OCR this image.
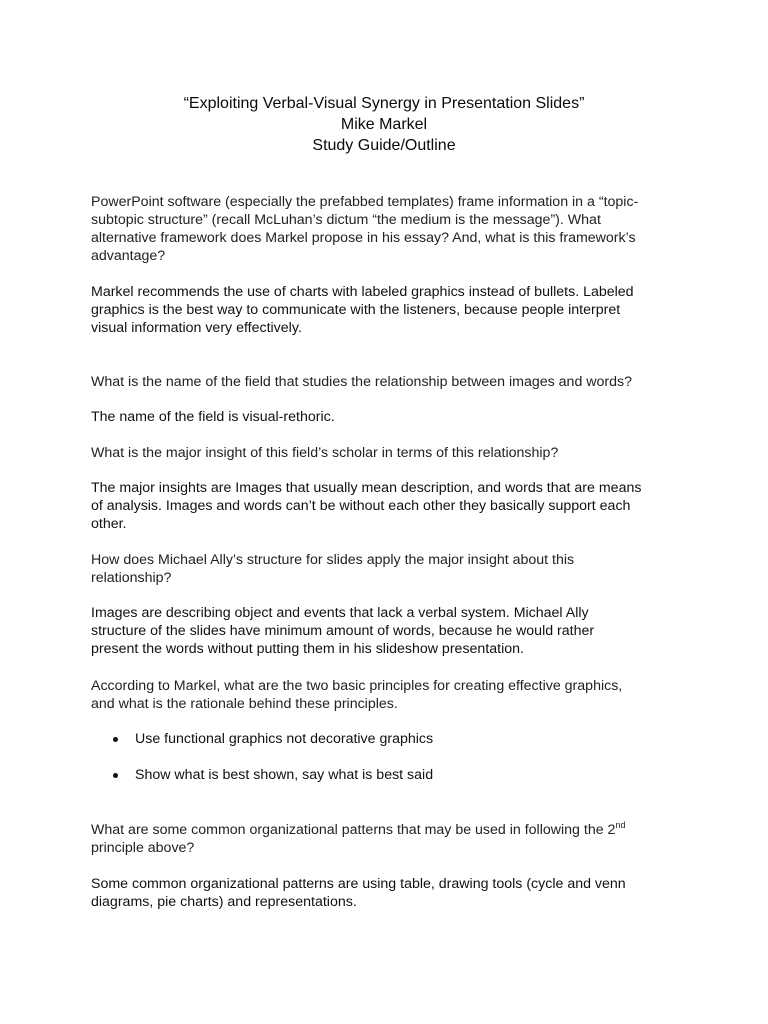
“Exploiting Verbal-Visual Synergy in Presentation Slides”
Mike Markel
Study Guide/Outline

PowerPoint software (especially the prefabbed templates) frame information in a “topic-
subtopic structure” (recall McLuhan’s dictum “the medium is the message”). What
alternative framework does Markel propose in his essay? And, what is this framework’s
advantage?

Markel recommends the use of charts with labeled graphics instead of bullets. Labeled
graphics is the best way to communicate with the listeners, because people interpret
visual information very effectively.

What is the name of the field that studies the relationship between images and words?

The name of the field is visual-rethoric.

What is the major insight of this field’s scholar in terms of this relationship?

The major insights are Images that usually mean description, and words that are means
of analysis. Images and words can’t be without each other they basically support each
other.

How does Michael Ally’s structure for slides apply the major insight about this
relationship?

Images are describing object and events that lack a verbal system. Michael Ally
structure of the slides have minimum amount of words, because he would rather
present the words without putting them in his slideshow presentation.

According to Markel, what are the two basic principles for creating effective graphics,
and what is the rationale behind these principles.

Use functional graphics not decorative graphics
Show what is best shown, say what is best said

What are some common organizational patterns that may be used in following the 2nd
principle above?

Some common organizational patterns are using table, drawing tools (cycle and venn
diagrams, pie charts) and representations.
